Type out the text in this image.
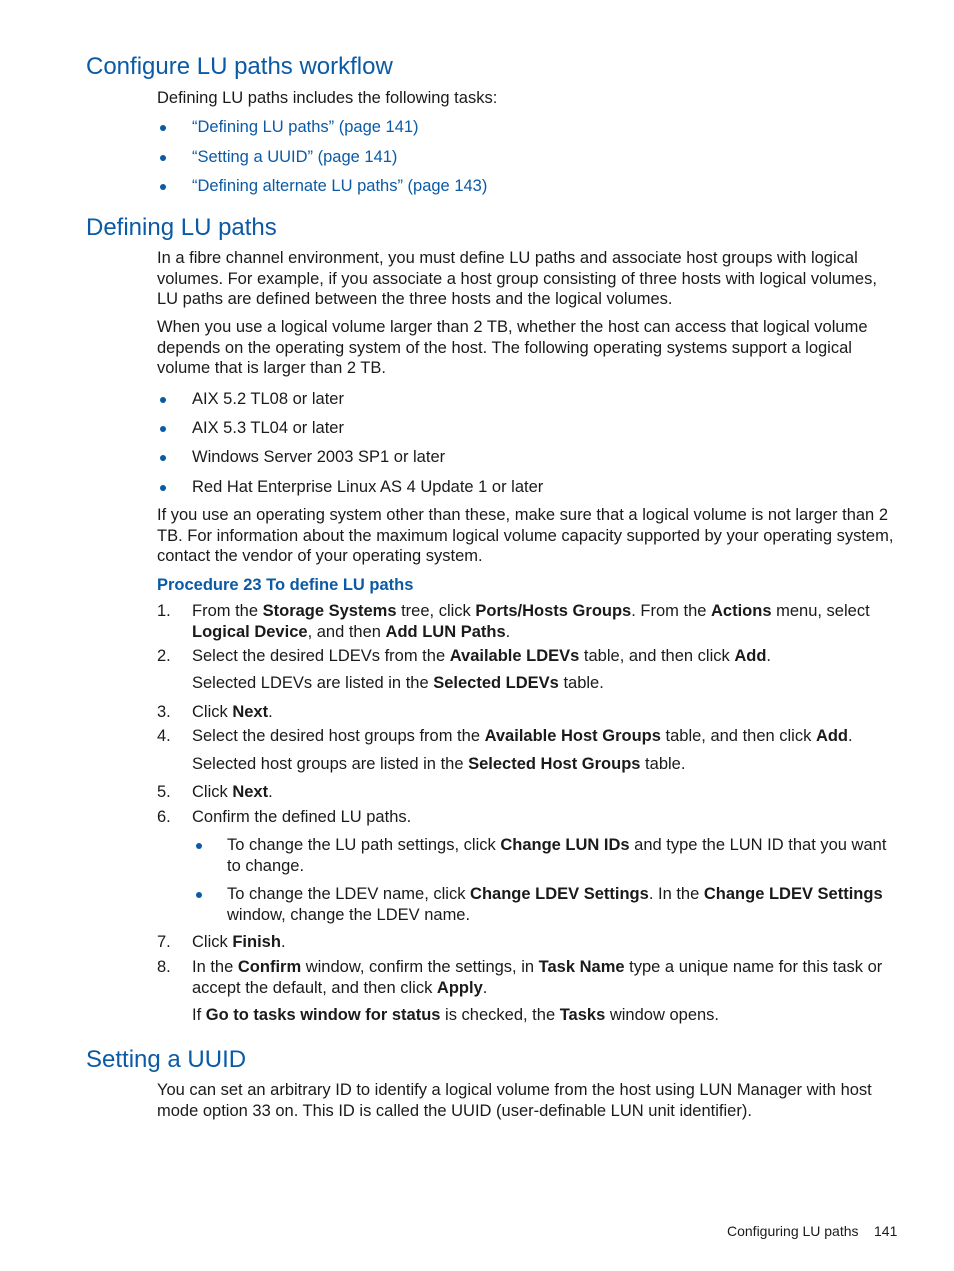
Configure LU paths workflow
Defining LU paths includes the following tasks:
“Defining LU paths” (page 141)
“Setting a UUID” (page 141)
“Defining alternate LU paths” (page 143)
Defining LU paths

In a fibre channel environment, you must define LU paths and associate host groups with logical volumes. For example, if you associate a host group consisting of three hosts with logical volumes, LU paths are defined between the three hosts and the logical volumes.

When you use a logical volume larger than 2 TB, whether the host can access that logical volume depends on the operating system of the host. The following operating systems support a logical volume that is larger than 2 TB.

AIX 5.2 TL08 or later
AIX 5.3 TL04 or later
Windows Server 2003 SP1 or later
Red Hat Enterprise Linux AS 4 Update 1 or later

If you use an operating system other than these, make sure that a logical volume is not larger than 2 TB. For information about the maximum logical volume capacity supported by your operating system, contact the vendor of your operating system.

Procedure 23 To define LU paths
1. From the Storage Systems tree, click Ports/Hosts Groups. From the Actions menu, select Logical Device, and then Add LUN Paths.
2. Select the desired LDEVs from the Available LDEVs table, and then click Add.
Selected LDEVs are listed in the Selected LDEVs table.
3. Click Next.
4. Select the desired host groups from the Available Host Groups table, and then click Add.
Selected host groups are listed in the Selected Host Groups table.
5. Click Next.
6. Confirm the defined LU paths.
To change the LU path settings, click Change LUN IDs and type the LUN ID that you want to change.
To change the LDEV name, click Change LDEV Settings. In the Change LDEV Settings window, change the LDEV name.
7. Click Finish.
8. In the Confirm window, confirm the settings, in Task Name type a unique name for this task or accept the default, and then click Apply.
If Go to tasks window for status is checked, the Tasks window opens.
Setting a UUID

You can set an arbitrary ID to identify a logical volume from the host using LUN Manager with host mode option 33 on. This ID is called the UUID (user-definable LUN unit identifier).

Configuring LU paths 141
